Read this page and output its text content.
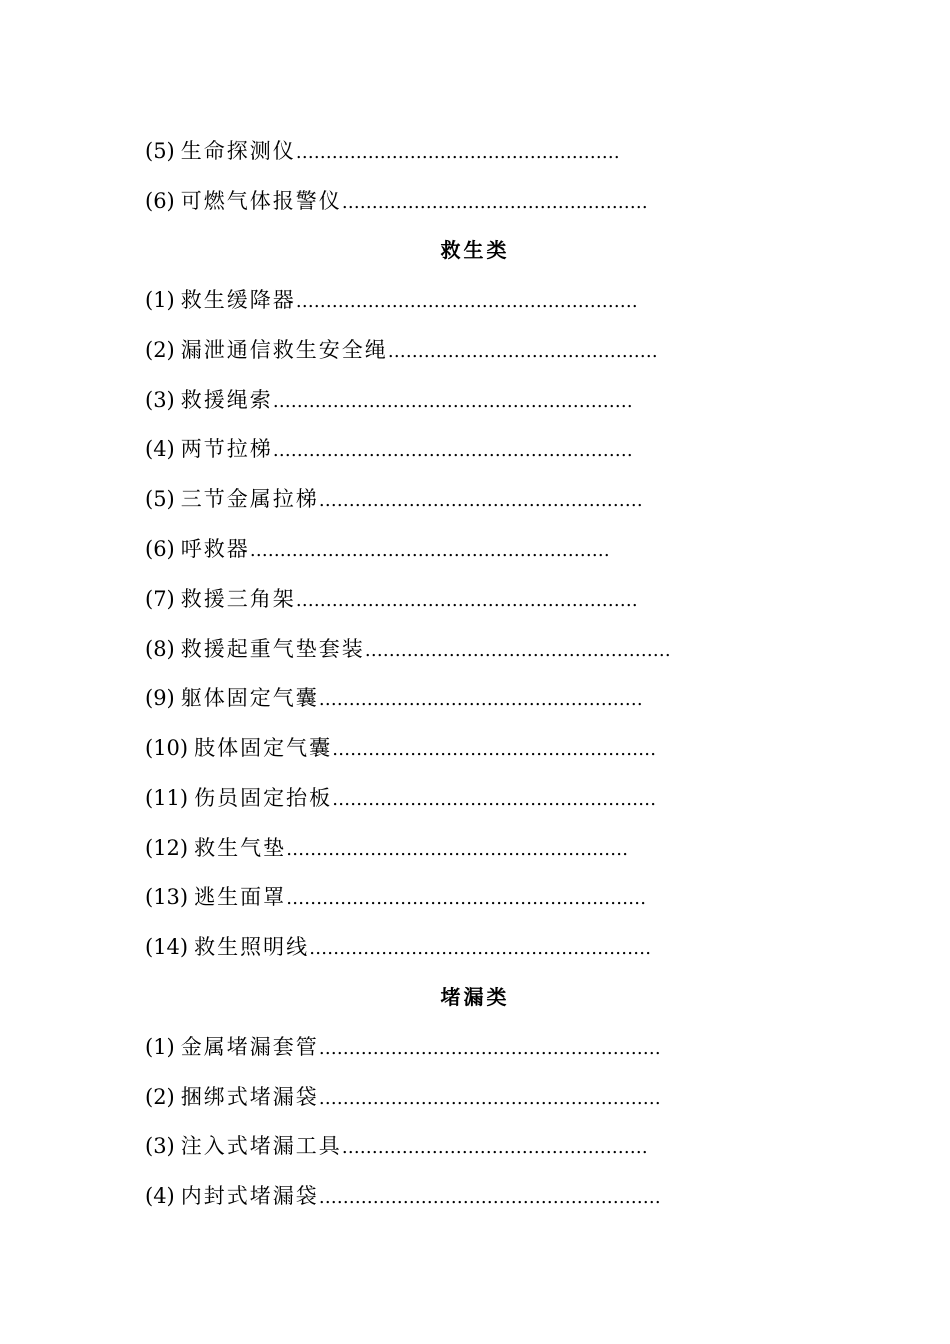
(5) 生命探测仪………………………………………………
(6) 可燃气体报警仪……………………………………………
救生类
(1) 救生缓降器…………………………………………………
(2) 漏泄通信救生安全绳………………………………………
(3) 救援绳索……………………………………………………
(4) 两节拉梯……………………………………………………
(5) 三节金属拉梯………………………………………………
(6) 呼救器……………………………………………………
(7) 救援三角架…………………………………………………
(8) 救援起重气垫套装……………………………………………
(9) 躯体固定气囊………………………………………………
(10) 肢体固定气囊………………………………………………
(11) 伤员固定抬板………………………………………………
(12) 救生气垫…………………………………………………
(13) 逃生面罩……………………………………………………
(14) 救生照明线…………………………………………………
堵漏类
(1) 金属堵漏套管…………………………………………………
(2) 捆绑式堵漏袋…………………………………………………
(3) 注入式堵漏工具……………………………………………
(4) 内封式堵漏袋…………………………………………………
